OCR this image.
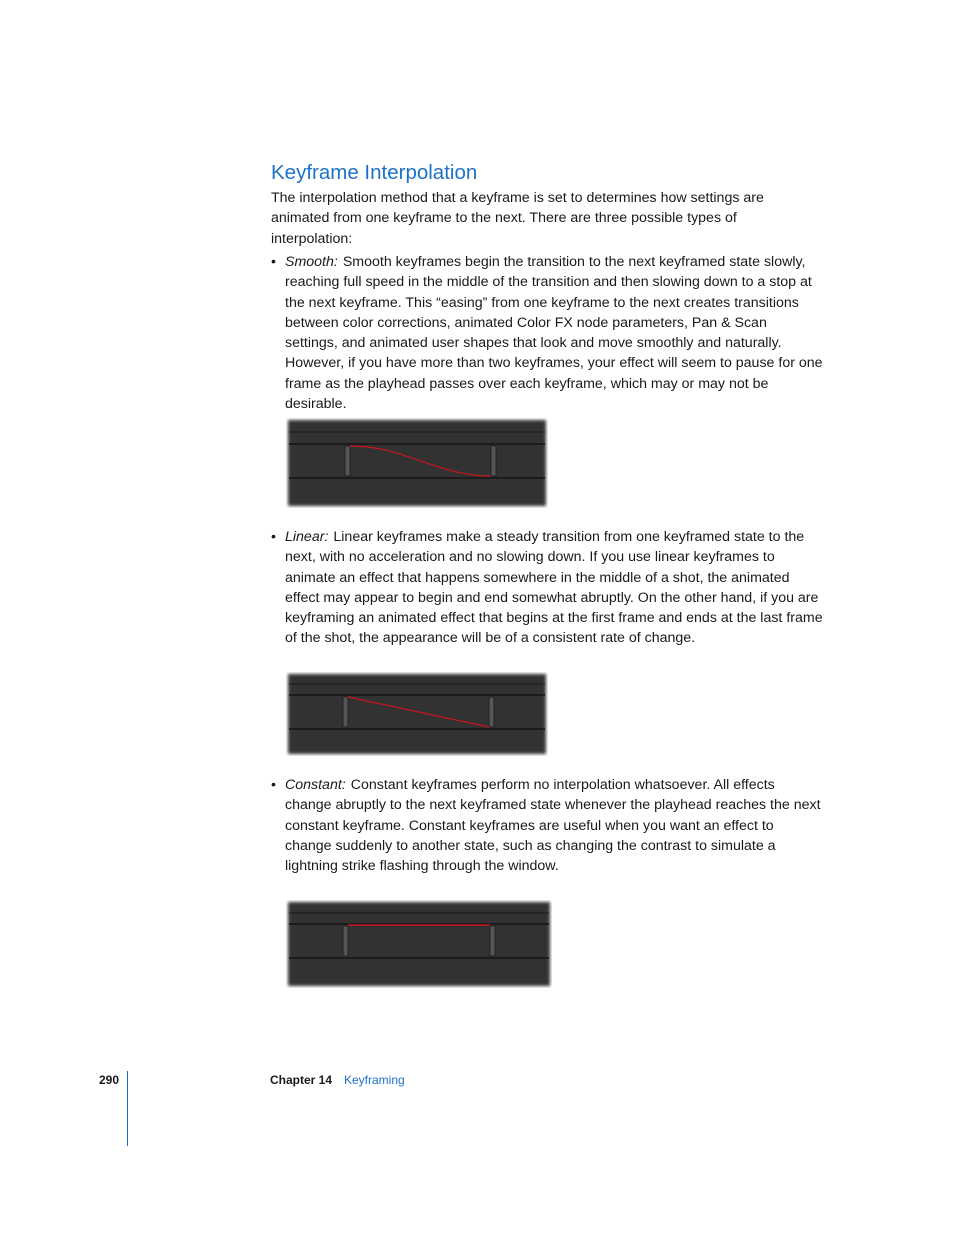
Keyframe Interpolation

The interpolation method that a keyframe is set to determines how settings are animated from one keyframe to the next. There are three possible types of interpolation:

• Smooth: Smooth keyframes begin the transition to the next keyframed state slowly, reaching full speed in the middle of the transition and then slowing down to a stop at the next keyframe. This “easing” from one keyframe to the next creates transitions between color corrections, animated Color FX node parameters, Pan & Scan settings, and animated user shapes that look and move smoothly and naturally. However, if you have more than two keyframes, your effect will seem to pause for one frame as the playhead passes over each keyframe, which may or may not be desirable.
• Linear: Linear keyframes make a steady transition from one keyframed state to the next, with no acceleration and no slowing down. If you use linear keyframes to animate an effect that happens somewhere in the middle of a shot, the animated effect may appear to begin and end somewhat abruptly. On the other hand, if you are keyframing an animated effect that begins at the first frame and ends at the last frame of the shot, the appearance will be of a consistent rate of change.
• Constant: Constant keyframes perform no interpolation whatsoever. All effects change abruptly to the next keyframed state whenever the playhead reaches the next constant keyframe. Constant keyframes are useful when you want an effect to change suddenly to another state, such as changing the contrast to simulate a lightning strike flashing through the window.
290	Chapter 14 Keyframing
